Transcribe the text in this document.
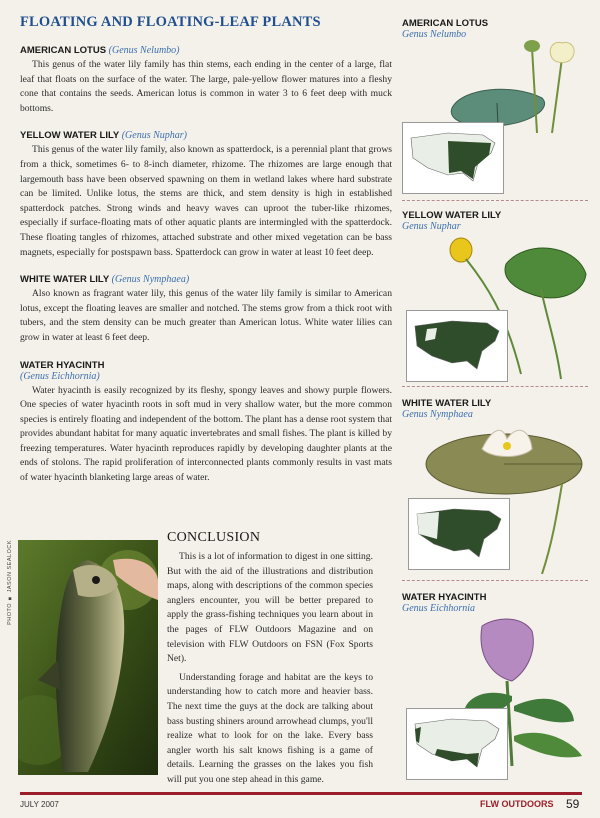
FLOATING AND FLOATING-LEAF PLANTS
AMERICAN LOTUS (Genus Nelumbo)

This genus of the water lily family has thin stems, each ending in the center of a large, flat leaf that floats on the surface of the water. The large, pale-yellow flower matures into a fleshy cone that contains the seeds. American lotus is common in water 3 to 6 feet deep with muck bottoms.

YELLOW WATER LILY (Genus Nuphar)

This genus of the water lily family, also known as spatterdock, is a perennial plant that grows from a thick, sometimes 6- to 8-inch diameter, rhizome. The rhizomes are large enough that largemouth bass have been observed spawning on them in wetland lakes where hard substrate can be limited. Unlike lotus, the stems are thick, and stem density is high in established spatterdock patches. Strong winds and heavy waves can uproot the tuber-like rhizomes, especially if surface-floating mats of other aquatic plants are intermingled with the spatterdock. These floating tangles of rhizomes, attached substrate and other mixed vegetation can be bass magnets, especially for postspawn bass. Spatterdock can grow in water at least 10 feet deep.

WHITE WATER LILY (Genus Nymphaea)

Also known as fragrant water lily, this genus of the water lily family is similar to American lotus, except the floating leaves are smaller and notched. The stems grow from a thick root with tubers, and the stem density can be much greater than American lotus. White water lilies can grow in water at least 6 feet deep.

WATER HYACINTH
(Genus Eichhornia)

Water hyacinth is easily recognized by its fleshy, spongy leaves and showy purple flowers. One species of water hyacinth roots in soft mud in very shallow water, but the more common species is entirely floating and independent of the bottom. The plant has a dense root system that provides abundant habitat for many aquatic invertebrates and small fishes. The plant is killed by freezing temperatures. Water hyacinth reproduces rapidly by developing daughter plants at the ends of stolons. The rapid proliferation of interconnected plants commonly results in vast mats of water hyacinth blanketing large areas of water.

PHOTO ■ JASON SEALOCK
CONCLUSION

This is a lot of information to digest in one sitting. But with the aid of the illustrations and distribution maps, along with descriptions of the common species anglers encounter, you will be better prepared to apply the grass-fishing techniques you learn about in the pages of FLW Outdoors Magazine and on television with FLW Outdoors on FSN (Fox Sports Net).

Understanding forage and habitat are the keys to understanding how to catch more and heavier bass. The next time the guys at the dock are talking about bass busting shiners around arrowhead clumps, you'll realize what to look for on the lake. Every bass angler worth his salt knows fishing is a game of details. Learning the grasses on the lakes you fish will put you one step ahead in this game.

AMERICAN LOTUS
Genus Nelumbo
YELLOW WATER LILY
Genus Nuphar
WHITE WATER LILY
Genus Nymphaea
WATER HYACINTH
Genus Eichhornia
JULY 2007	FLW OUTDOORS 59
